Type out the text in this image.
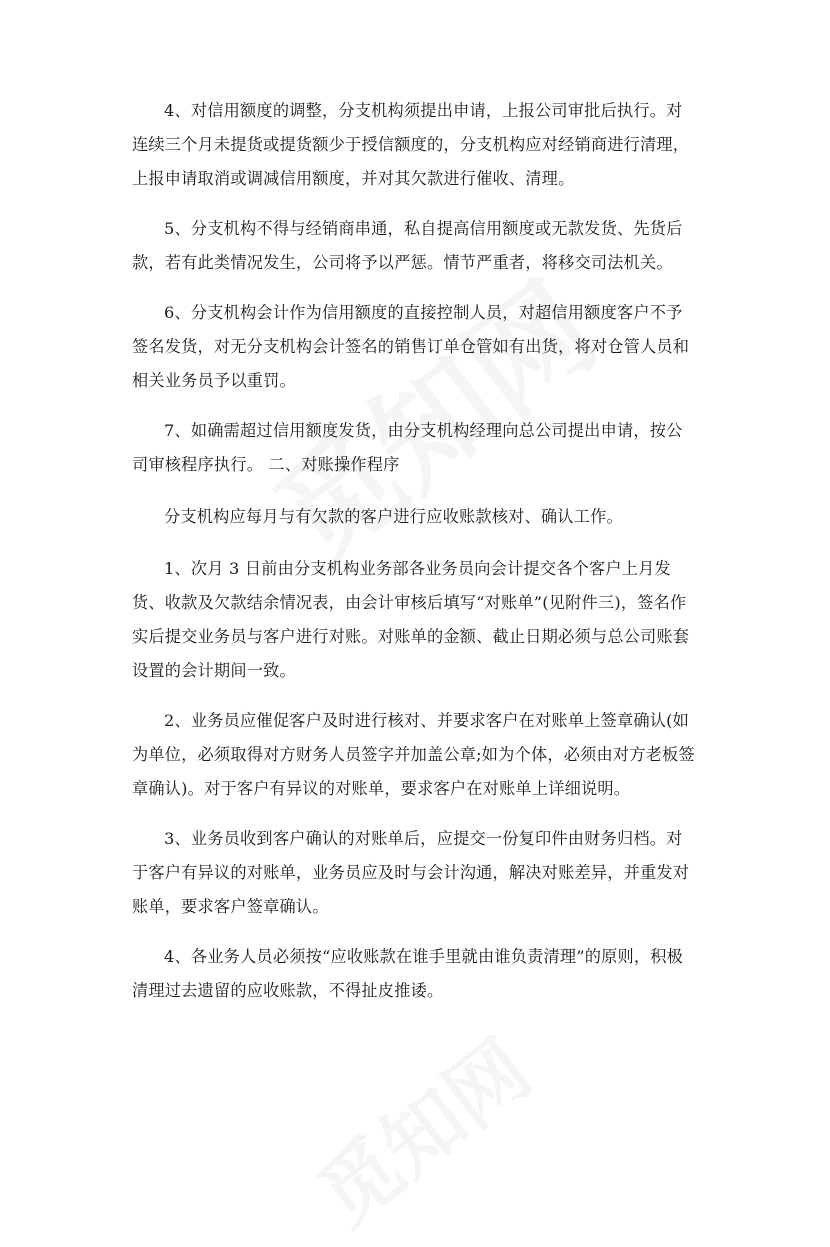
4、对信用额度的调整，分支机构须提出申请，上报公司审批后执行。对连续三个月未提货或提货额少于授信额度的，分支机构应对经销商进行清理，上报申请取消或调减信用额度，并对其欠款进行催收、清理。

5、分支机构不得与经销商串通，私自提高信用额度或无款发货、先货后款，若有此类情况发生，公司将予以严惩。情节严重者，将移交司法机关。

6、分支机构会计作为信用额度的直接控制人员，对超信用额度客户不予签名发货，对无分支机构会计签名的销售订单仓管如有出货，将对仓管人员和相关业务员予以重罚。

7、如确需超过信用额度发货，由分支机构经理向总公司提出申请，按公司审核程序执行。 二、对账操作程序

分支机构应每月与有欠款的客户进行应收账款核对、确认工作。

1、次月 3 日前由分支机构业务部各业务员向会计提交各个客户上月发货、收款及欠款结余情况表，由会计审核后填写“对账单”(见附件三)，签名作实后提交业务员与客户进行对账。对账单的金额、截止日期必须与总公司账套设置的会计期间一致。

2、业务员应催促客户及时进行核对、并要求客户在对账单上签章确认(如为单位，必须取得对方财务人员签字并加盖公章;如为个体，必须由对方老板签章确认)。对于客户有异议的对账单，要求客户在对账单上详细说明。

3、业务员收到客户确认的对账单后，应提交一份复印件由财务归档。对于客户有异议的对账单，业务员应及时与会计沟通，解决对账差异，并重发对账单，要求客户签章确认。

4、各业务人员必须按“应收账款在谁手里就由谁负责清理”的原则，积极清理过去遗留的应收账款，不得扯皮推诿。
